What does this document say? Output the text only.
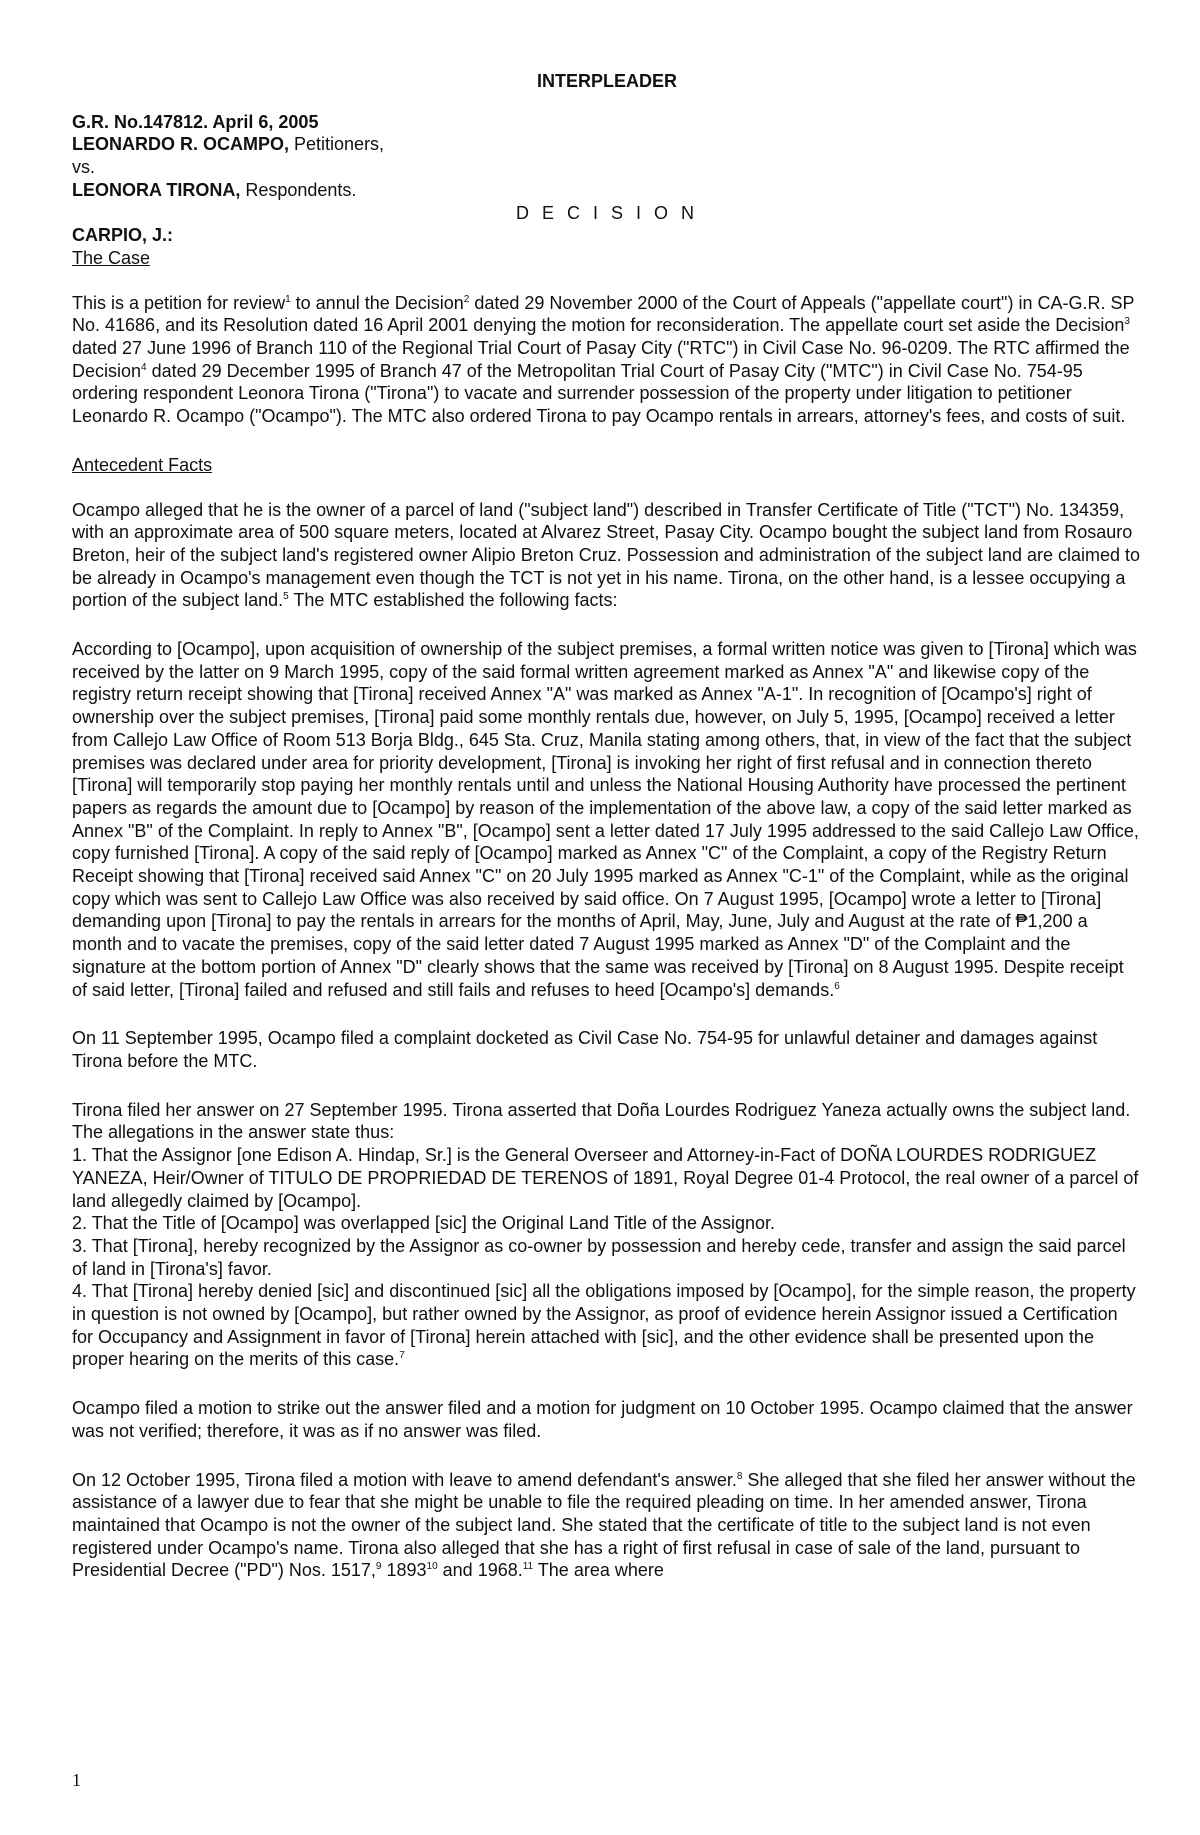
INTERPLEADER

G.R. No.147812. April 6, 2005

LEONARDO R. OCAMPO, Petitioners,

vs.

LEONORA TIRONA, Respondents.

D E C I S I O N

CARPIO, J.:

The Case

This is a petition for review$^1$ to annul the Decision$^2$ dated 29 November 2000 of the Court of Appeals ("appellate court") in CA-G.R. SP No. 41686, and its Resolution dated 16 April 2001 denying the motion for reconsideration. The appellate court set aside the Decision$^3$ dated 27 June 1996 of Branch 110 of the Regional Trial Court of Pasay City ("RTC") in Civil Case No. 96-0209. The RTC affirmed the Decision$^4$ dated 29 December 1995 of Branch 47 of the Metropolitan Trial Court of Pasay City ("MTC") in Civil Case No. 754-95 ordering respondent Leonora Tirona ("Tirona") to vacate and surrender possession of the property under litigation to petitioner Leonardo R. Ocampo ("Ocampo"). The MTC also ordered Tirona to pay Ocampo rentals in arrears, attorney's fees, and costs of suit.

Antecedent Facts

Ocampo alleged that he is the owner of a parcel of land ("subject land") described in Transfer Certificate of Title ("TCT") No. 134359, with an approximate area of 500 square meters, located at Alvarez Street, Pasay City. Ocampo bought the subject land from Rosauro Breton, heir of the subject land's registered owner Alipio Breton Cruz. Possession and administration of the subject land are claimed to be already in Ocampo's management even though the TCT is not yet in his name. Tirona, on the other hand, is a lessee occupying a portion of the subject land.$^5$ The MTC established the following facts:

According to [Ocampo], upon acquisition of ownership of the subject premises, a formal written notice was given to [Tirona] which was received by the latter on 9 March 1995, copy of the said formal written agreement marked as Annex "A" and likewise copy of the registry return receipt showing that [Tirona] received Annex "A" was marked as Annex "A-1". In recognition of [Ocampo's] right of ownership over the subject premises, [Tirona] paid some monthly rentals due, however, on July 5, 1995, [Ocampo] received a letter from Callejo Law Office of Room 513 Borja Bldg., 645 Sta. Cruz, Manila stating among others, that, in view of the fact that the subject premises was declared under area for priority development, [Tirona] is invoking her right of first refusal and in connection thereto [Tirona] will temporarily stop paying her monthly rentals until and unless the National Housing Authority have processed the pertinent papers as regards the amount due to [Ocampo] by reason of the implementation of the above law, a copy of the said letter marked as Annex "B" of the Complaint. In reply to Annex "B", [Ocampo] sent a letter dated 17 July 1995 addressed to the said Callejo Law Office, copy furnished [Tirona]. A copy of the said reply of [Ocampo] marked as Annex "C" of the Complaint, a copy of the Registry Return Receipt showing that [Tirona] received said Annex "C" on 20 July 1995 marked as Annex "C-1" of the Complaint, while as the original copy which was sent to Callejo Law Office was also received by said office. On 7 August 1995, [Ocampo] wrote a letter to [Tirona] demanding upon [Tirona] to pay the rentals in arrears for the months of April, May, June, July and August at the rate of ₱1,200 a month and to vacate the premises, copy of the said letter dated 7 August 1995 marked as Annex "D" of the Complaint and the signature at the bottom portion of Annex "D" clearly shows that the same was received by [Tirona] on 8 August 1995. Despite receipt of said letter, [Tirona] failed and refused and still fails and refuses to heed [Ocampo's] demands.$^6$

On 11 September 1995, Ocampo filed a complaint docketed as Civil Case No. 754-95 for unlawful detainer and damages against Tirona before the MTC.

Tirona filed her answer on 27 September 1995. Tirona asserted that Doña Lourdes Rodriguez Yaneza actually owns the subject land. The allegations in the answer state thus:

1. That the Assignor [one Edison A. Hindap, Sr.] is the General Overseer and Attorney-in-Fact of DOÑA LOURDES RODRIGUEZ YANEZA, Heir/Owner of TITULO DE PROPRIEDAD DE TERENOS of 1891, Royal Degree 01-4 Protocol, the real owner of a parcel of land allegedly claimed by [Ocampo].

2. That the Title of [Ocampo] was overlapped [sic] the Original Land Title of the Assignor.

3. That [Tirona], hereby recognized by the Assignor as co-owner by possession and hereby cede, transfer and assign the said parcel of land in [Tirona's] favor.

4. That [Tirona] hereby denied [sic] and discontinued [sic] all the obligations imposed by [Ocampo], for the simple reason, the property in question is not owned by [Ocampo], but rather owned by the Assignor, as proof of evidence herein Assignor issued a Certification for Occupancy and Assignment in favor of [Tirona] herein attached with [sic], and the other evidence shall be presented upon the proper hearing on the merits of this case.$^7$

Ocampo filed a motion to strike out the answer filed and a motion for judgment on 10 October 1995. Ocampo claimed that the answer was not verified; therefore, it was as if no answer was filed.

On 12 October 1995, Tirona filed a motion with leave to amend defendant's answer.$^8$ She alleged that she filed her answer without the assistance of a lawyer due to fear that she might be unable to file the required pleading on time. In her amended answer, Tirona maintained that Ocampo is not the owner of the subject land. She stated that the certificate of title to the subject land is not even registered under Ocampo's name. Tirona also alleged that she has a right of first refusal in case of sale of the land, pursuant to Presidential Decree ("PD") Nos. 1517,$^9$ 1893$^{10}$ and 1968.11 The area where

1
